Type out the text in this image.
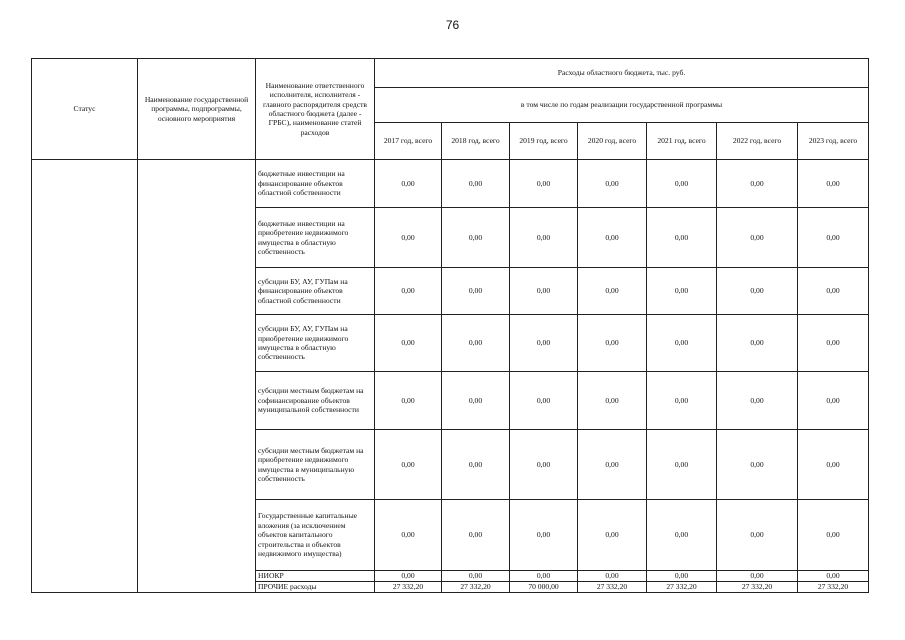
76
Статус	Наименование государственной программы, подпрограммы, основного мероприятия	Наименование ответственного исполнителя, исполнителя - главного распорядителя средств областного бюджета (далее - ГРБС), наименование статей расходов	Расходы областного бюджета, тыс. руб.						
			в том числе по годам реализации государственной программы						
			2017 год, всего	2018 год, всего	2019 год, всего	2020 год, всего	2021 год, всего	2022 год, всего	2023 год, всего
		бюджетные инвестиции на финансирование объектов областной собственности	0,00	0,00	0,00	0,00	0,00	0,00	0,00
		бюджетные инвестиции на приобретение недвижимого имущества в областную собственность	0,00	0,00	0,00	0,00	0,00	0,00	0,00
		субсидии БУ, АУ, ГУПам на финансирование объектов областной собственности	0,00	0,00	0,00	0,00	0,00	0,00	0,00
		субсидии БУ, АУ, ГУПам на приобретение недвижимого имущества в областную собственность	0,00	0,00	0,00	0,00	0,00	0,00	0,00
		субсидии местным бюджетам на софинансирование объектов муниципальной собственности	0,00	0,00	0,00	0,00	0,00	0,00	0,00
		субсидии местным бюджетам на приобретение недвижимого имущества в муниципальную собственность	0,00	0,00	0,00	0,00	0,00	0,00	0,00
		Государственные капитальные вложения (за исключением объектов капитального строительства и объектов недвижимого имущества)	0,00	0,00	0,00	0,00	0,00	0,00	0,00
		НИОКР	0,00	0,00	0,00	0,00	0,00	0,00	0,00
		ПРОЧИЕ расходы	27 332,20	27 332,20	70 000,00	27 332,20	27 332,20	27 332,20	27 332,20
